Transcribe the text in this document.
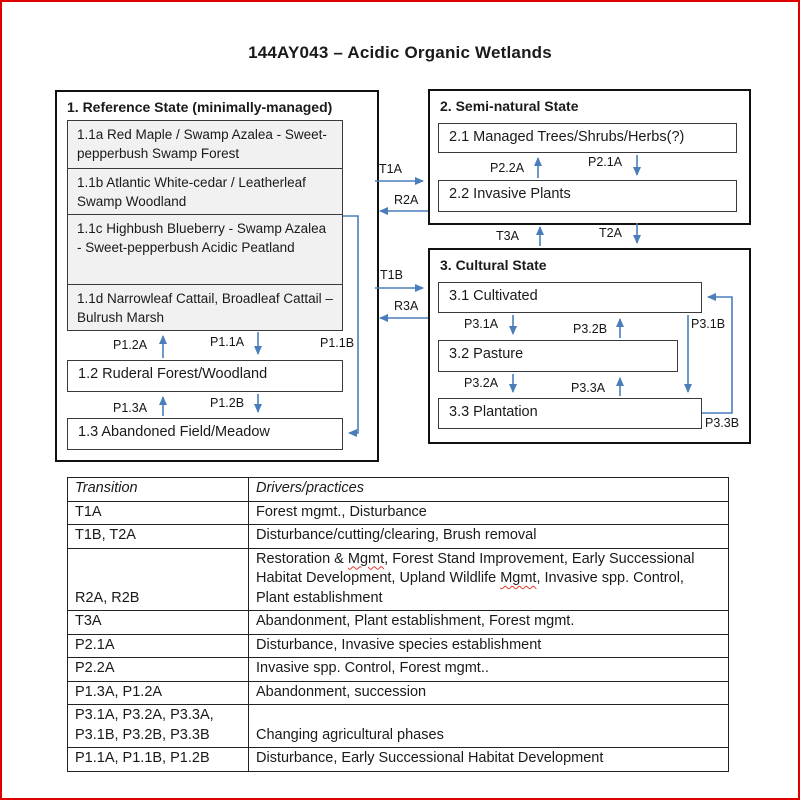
144AY043 – Acidic Organic Wetlands
1. Reference State (minimally-managed)
1.1a Red Maple / Swamp Azalea - Sweet-pepperbush Swamp Forest
1.1b Atlantic White-cedar / Leatherleaf Swamp Woodland
1.1c Highbush Blueberry - Swamp Azalea - Sweet-pepperbush Acidic Peatland
1.1d Narrowleaf Cattail, Broadleaf Cattail – Bulrush Marsh
1.2 Ruderal Forest/Woodland
1.3 Abandoned Field/Meadow
2. Semi-natural State
2.1 Managed Trees/Shrubs/Herbs(?)
2.2 Invasive Plants
3. Cultural State
3.1 Cultivated
3.2 Pasture
3.3 Plantation
T1A
R2A
T1B
R3A
T3A	T2A
P2.2A	P2.1A
P1.2A	P1.1A	P1.1B
P1.3A	P1.2B
P3.1A	P3.2B	P3.1B
P3.2A	P3.3A
P3.3B
Transition	Drivers/practices
T1A	Forest mgmt., Disturbance
T1B, T2A	Disturbance/cutting/clearing, Brush removal
R2A, R2B	Restoration & Mgmt, Forest Stand Improvement, Early Successional Habitat Development, Upland Wildlife Mgmt, Invasive spp. Control, Plant establishment
T3A	Abandonment, Plant establishment, Forest mgmt.
P2.1A	Disturbance, Invasive species establishment
P2.2A	Invasive spp. Control, Forest mgmt..
P1.3A, P1.2A	Abandonment, succession
P3.1A, P3.2A, P3.3A,
P3.1B, P3.2B, P3.3B	Changing agricultural phases
P1.1A, P1.1B, P1.2B	Disturbance, Early Successional Habitat Development
